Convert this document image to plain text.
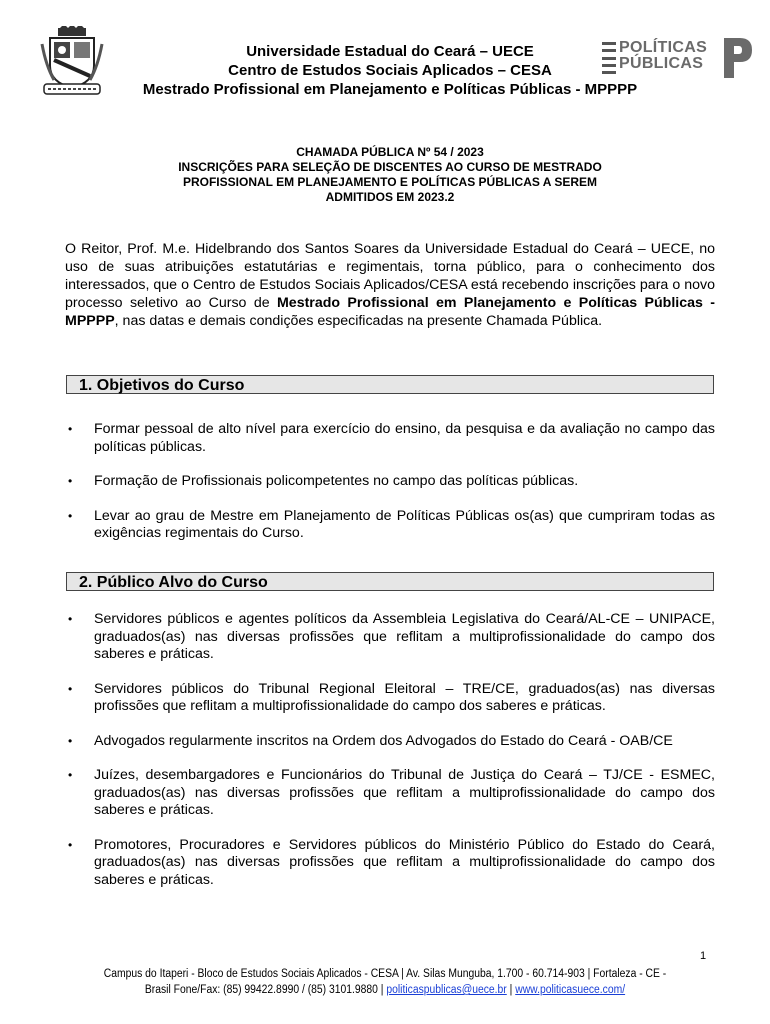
Universidade Estadual do Ceará – UECE
Centro de Estudos Sociais Aplicados – CESA
Mestrado Profissional em Planejamento e Políticas Públicas - MPPPP
POLÍTICAS
PÚBLICAS
CHAMADA PÚBLICA Nº 54 / 2023
INSCRIÇÕES PARA SELEÇÃO DE DISCENTES AO CURSO DE MESTRADO
PROFISSIONAL EM PLANEJAMENTO E POLÍTICAS PÚBLICAS A SEREM
ADMITIDOS EM 2023.2

O Reitor, Prof. M.e. Hidelbrando dos Santos Soares da Universidade Estadual do Ceará – UECE, no uso de suas atribuições estatutárias e regimentais, torna público, para o conhecimento dos interessados, que o Centro de Estudos Sociais Aplicados/CESA está recebendo inscrições para o novo processo seletivo ao Curso de Mestrado Profissional em Planejamento e Políticas Públicas - MPPPP, nas datas e demais condições especificadas na presente Chamada Pública.

1. Objetivos do Curso
• Formar pessoal de alto nível para exercício do ensino, da pesquisa e da avaliação no campo das políticas públicas.
• Formação de Profissionais policompetentes no campo das políticas públicas.
• Levar ao grau de Mestre em Planejamento de Políticas Públicas os(as) que cumpriram todas as exigências regimentais do Curso.
2. Público Alvo do Curso
• Servidores públicos e agentes políticos da Assembleia Legislativa do Ceará/AL-CE – UNIPACE, graduados(as) nas diversas profissões que reflitam a multiprofissionalidade do campo dos saberes e práticas.
• Servidores públicos do Tribunal Regional Eleitoral – TRE/CE, graduados(as) nas diversas profissões que reflitam a multiprofissionalidade do campo dos saberes e práticas.
• Advogados regularmente inscritos na Ordem dos Advogados do Estado do Ceará - OAB/CE
• Juízes, desembargadores e Funcionários do Tribunal de Justiça do Ceará – TJ/CE - ESMEC, graduados(as) nas diversas profissões que reflitam a multiprofissionalidade do campo dos saberes e práticas.
• Promotores, Procuradores e Servidores públicos do Ministério Público do Estado do Ceará, graduados(as) nas diversas profissões que reflitam a multiprofissionalidade do campo dos saberes e práticas.
1
Campus do Itaperi - Bloco de Estudos Sociais Aplicados - CESA | Av. Silas Munguba, 1.700 - 60.714-903 | Fortaleza - CE -
Brasil Fone/Fax: (85) 99422.8990 / (85) 3101.9880 | politicaspublicas@uece.br | www.politicasuece.com/
